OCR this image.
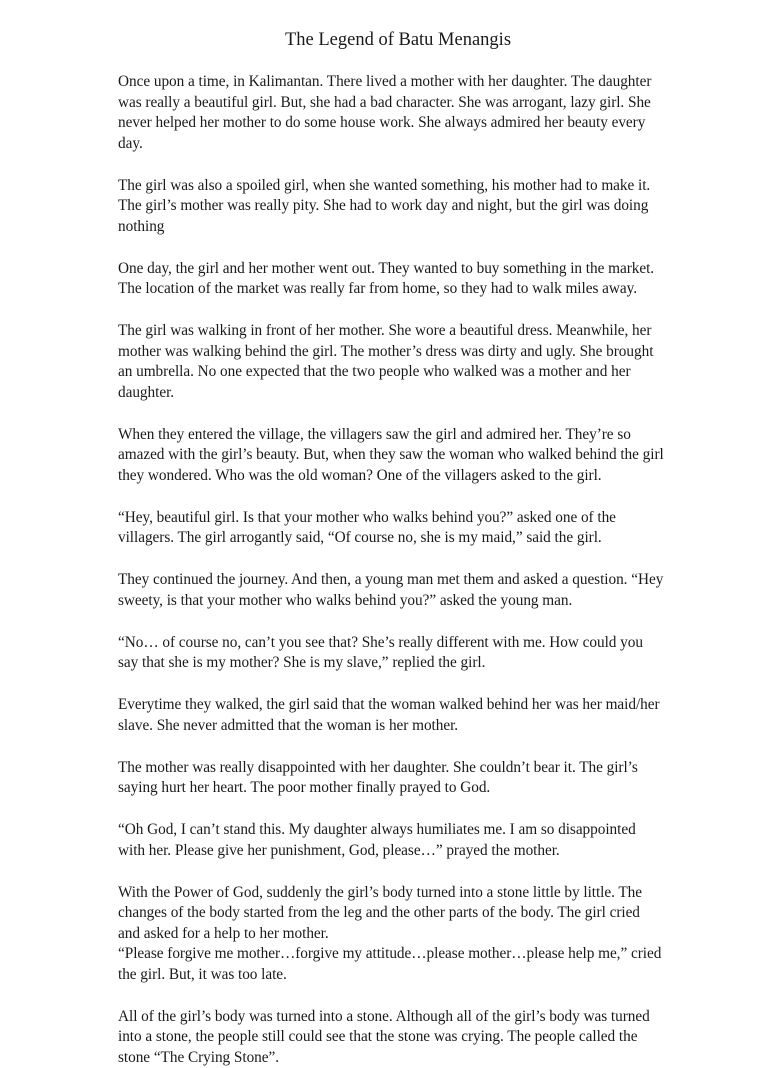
The Legend of Batu Menangis

Once upon a time, in Kalimantan. There lived a mother with her daughter. The daughter was really a beautiful girl. But, she had a bad character. She was arrogant, lazy girl. She never helped her mother to do some house work. She always admired her beauty every day.

The girl was also a spoiled girl, when she wanted something, his mother had to make it. The girl’s mother was really pity. She had to work day and night, but the girl was doing nothing

One day, the girl and her mother went out. They wanted to buy something in the market. The location of the market was really far from home, so they had to walk miles away.

The girl was walking in front of her mother. She wore a beautiful dress. Meanwhile, her mother was walking behind the girl. The mother’s dress was dirty and ugly. She brought an umbrella. No one expected that the two people who walked was a mother and her daughter.

When they entered the village, the villagers saw the girl and admired her. They’re so amazed with the girl’s beauty. But, when they saw the woman who walked behind the girl they wondered. Who was the old woman? One of the villagers asked to the girl.

“Hey, beautiful girl. Is that your mother who walks behind you?” asked one of the villagers. The girl arrogantly said, “Of course no, she is my maid,” said the girl.

They continued the journey. And then, a young man met them and asked a question. “Hey sweety, is that your mother who walks behind you?” asked the young man.

“No… of course no, can’t you see that? She’s really different with me. How could you say that she is my mother? She is my slave,” replied the girl.

Everytime they walked, the girl said that the woman walked behind her was her maid/her slave. She never admitted that the woman is her mother.

The mother was really disappointed with her daughter. She couldn’t bear it. The girl’s saying hurt her heart. The poor mother finally prayed to God.

“Oh God, I can’t stand this. My daughter always humiliates me. I am so disappointed with her. Please give her punishment, God, please…” prayed the mother.

With the Power of God, suddenly the girl’s body turned into a stone little by little. The changes of the body started from the leg and the other parts of the body. The girl cried and asked for a help to her mother.

“Please forgive me mother…forgive my attitude…please mother…please help me,” cried the girl. But, it was too late.

All of the girl’s body was turned into a stone. Although all of the girl’s body was turned into a stone, the people still could see that the stone was crying. The people called the stone “The Crying Stone”.
